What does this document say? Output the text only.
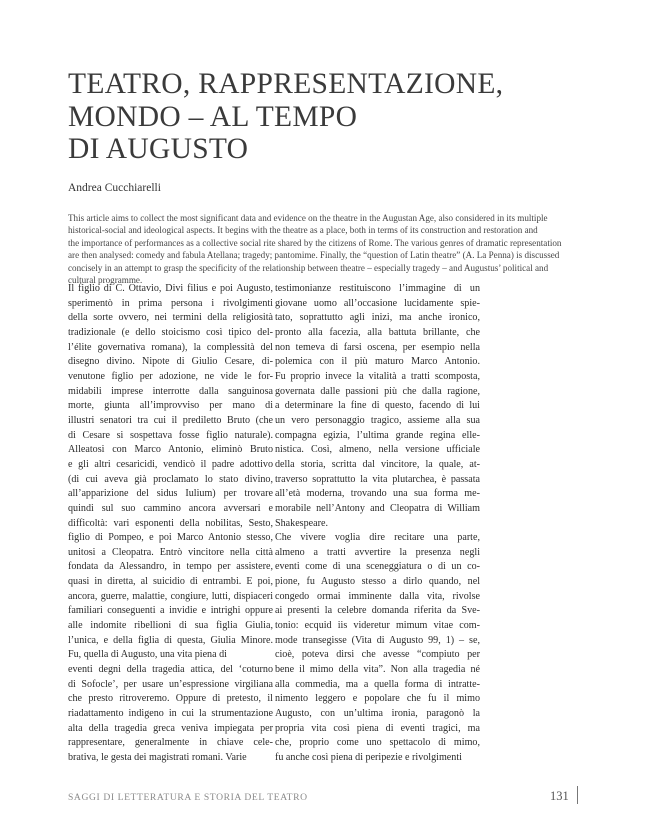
TEATRO, RAPPRESENTAZIONE,
MONDO – AL TEMPO
DI AUGUSTO
Andrea Cucchiarelli
This article aims to collect the most significant data and evidence on the theatre in the Augustan Age, also considered in its multiple
historical-social and ideological aspects. It begins with the theatre as a place, both in terms of its construction and restoration and
the importance of performances as a collective social rite shared by the citizens of Rome. The various genres of dramatic representation
are then analysed: comedy and fabula Atellana; tragedy; pantomime. Finally, the “question of Latin theatre” (A. La Penna) is discussed
concisely in an attempt to grasp the specificity of the relationship between theatre – especially tragedy – and Augustus’ political and
cultural programme.
Il figlio di C. Ottavio, Divi filius e poi Augusto,
sperimentò in prima persona i rivolgimenti
della sorte ovvero, nei termini della religiosità
tradizionale (e dello stoicismo così tipico del-
l’élite governativa romana), la complessità del
disegno divino. Nipote di Giulio Cesare, di-
venutone figlio per adozione, ne vide le for-
midabili imprese interrotte dalla sanguinosa
morte, giunta all’improvviso per mano di
illustri senatori tra cui il prediletto Bruto (che
di Cesare si sospettava fosse figlio naturale).
Alleatosi con Marco Antonio, eliminò Bruto
e gli altri cesaricidi, vendicò il padre adottivo
(di cui aveva già proclamato lo stato divino,
all’apparizione del sidus Iulium) per trovare
quindi sul suo cammino ancora avversari e
difficoltà: vari esponenti della nobilitas, Sesto,
figlio di Pompeo, e poi Marco Antonio stesso,
unitosi a Cleopatra. Entrò vincitore nella città
fondata da Alessandro, in tempo per assistere,
quasi in diretta, al suicidio di entrambi. E poi,
ancora, guerre, malattie, congiure, lutti, dispiaceri
familiari conseguenti a invidie e intrighi oppure
alle indomite ribellioni di sua figlia Giulia,
l’unica, e della figlia di questa, Giulia Minore.
Fu, quella di Augusto, una vita piena di
eventi degni della tragedia attica, del ‘coturno
di Sofocle’, per usare un’espressione virgiliana
che presto ritroveremo. Oppure di pretesto, il
riadattamento indigeno in cui la strumentazione
alta della tragedia greca veniva impiegata per
rappresentare, generalmente in chiave cele-
brativa, le gesta dei magistrati romani. Varie
testimonianze restituiscono l’immagine di un
giovane uomo all’occasione lucidamente spie-
tato, soprattutto agli inizi, ma anche ironico,
pronto alla facezia, alla battuta brillante, che
non temeva di farsi oscena, per esempio nella
polemica con il più maturo Marco Antonio.
Fu proprio invece la vitalità a tratti scomposta,
governata dalle passioni più che dalla ragione,
a determinare la fine di questo, facendo di lui
un vero personaggio tragico, assieme alla sua
compagna egizia, l’ultima grande regina elle-
nistica. Così, almeno, nella versione ufficiale
della storia, scritta dal vincitore, la quale, at-
traverso soprattutto la vita plutarchea, è passata
all’età moderna, trovando una sua forma me-
morabile nell’Antony and Cleopatra di William
Shakespeare.
Che vivere voglia dire recitare una parte,
almeno a tratti avvertire la presenza negli
eventi come di una sceneggiatura o di un co-
pione, fu Augusto stesso a dirlo quando, nel
congedo ormai imminente dalla vita, rivolse
ai presenti la celebre domanda riferita da Sve-
tonio: ecquid iis videretur mimum vitae com-
mode transegisse (Vita di Augusto 99, 1) – se,
cioè, poteva dirsi che avesse “compiuto per
bene il mimo della vita”. Non alla tragedia né
alla commedia, ma a quella forma di intratte-
nimento leggero e popolare che fu il mimo
Augusto, con un’ultima ironia, paragonò la
propria vita così piena di eventi tragici, ma
che, proprio come uno spettacolo di mimo,
fu anche così piena di peripezie e rivolgimenti
SAGGI DI LETTERATURA E STORIA DEL TEATRO	131
